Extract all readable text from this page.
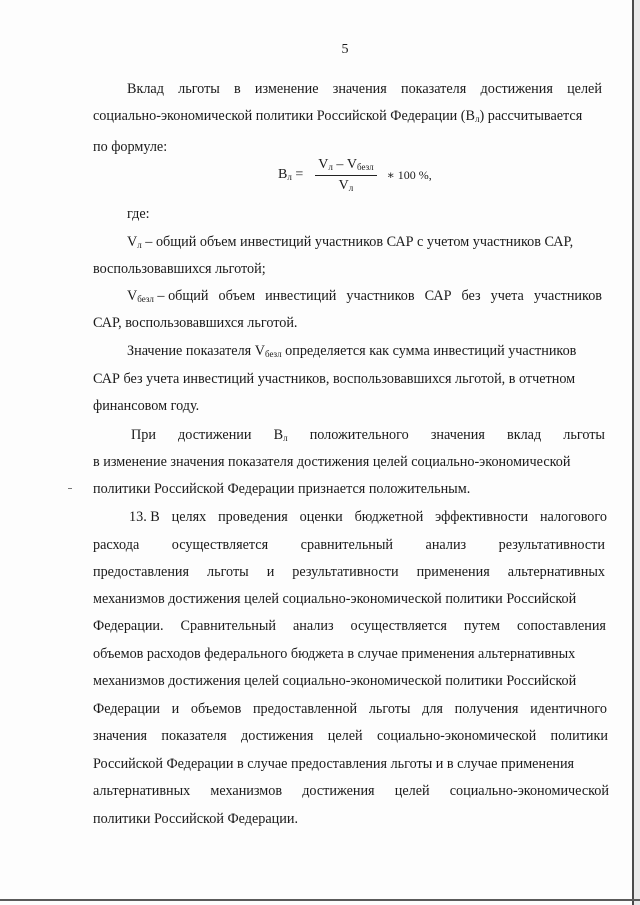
5
Вклад льготы в изменение значения показателя достижения целей
социально-экономической политики Российской Федерации $(В_л)$ рассчитывается
по формуле:
$В_л = \frac{V_л - V_{безл}}{V_л}$ ∗ 100 %,
где:
$V_л$ – общий объем инвестиций участников САР с учетом участников САР,
воспользовавшихся льготой;
$V_{безл}$ – общий объем инвестиций участников САР без учета участников
САР, воспользовавшихся льготой.
Значение показателя $V_{безл}$ определяется как сумма инвестиций участников
САР без учета инвестиций участников, воспользовавшихся льготой, в отчетном
финансовом году.
При достижении $В_л$ положительного значения вклад льготы
в изменение значения показателя достижения целей социально-экономической
политики Российской Федерации признается положительным.
13. В целях проведения оценки бюджетной эффективности налогового
расхода осуществляется сравнительный анализ результативности
предоставления льготы и результативности применения альтернативных
механизмов достижения целей социально-экономической политики Российской
Федерации. Сравнительный анализ осуществляется путем сопоставления
объемов расходов федерального бюджета в случае применения альтернативных
механизмов достижения целей социально-экономической политики Российской
Федерации и объемов предоставленной льготы для получения идентичного
значения показателя достижения целей социально-экономической политики
Российской Федерации в случае предоставления льготы и в случае применения
альтернативных механизмов достижения целей социально-экономической
политики Российской Федерации.
